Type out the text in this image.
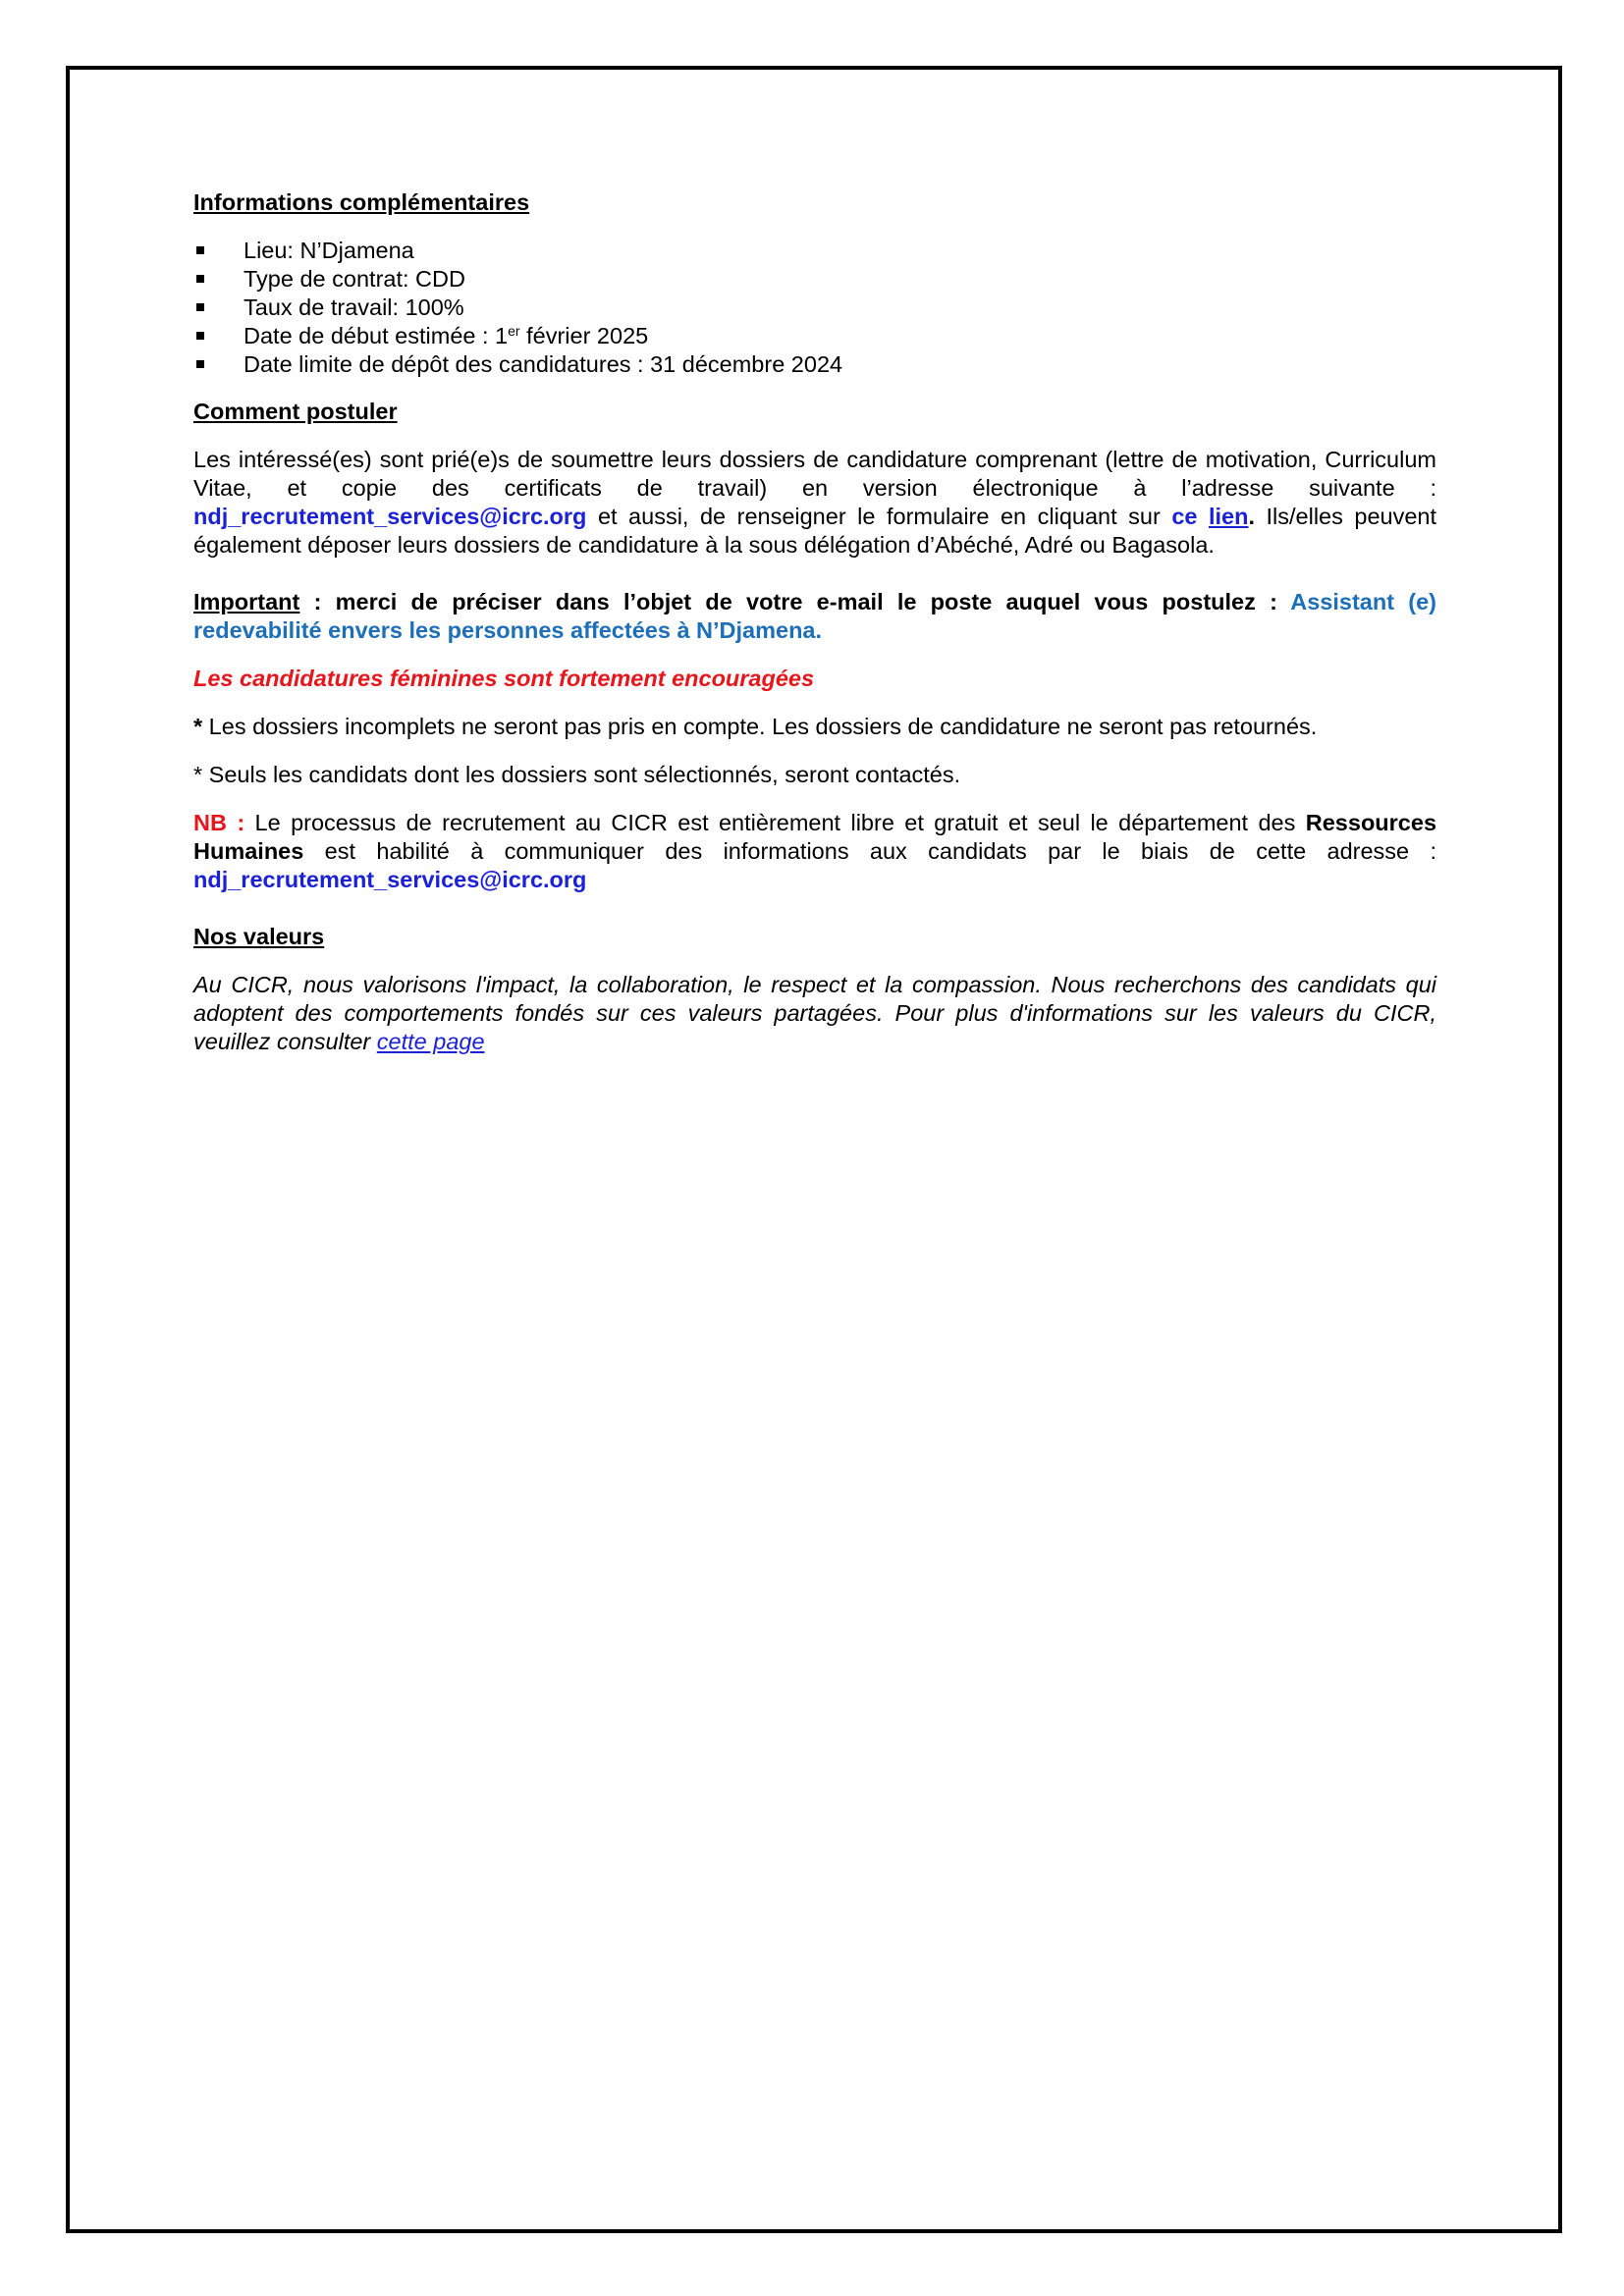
Informations complémentaires

Lieu: N’Djamena
Type de contrat: CDD
Taux de travail: 100%
Date de début estimée : 1er février 2025
Date limite de dépôt des candidatures : 31 décembre 2024

Comment postuler

Les intéressé(es) sont prié(e)s de soumettre leurs dossiers de candidature comprenant (lettre de motivation, Curriculum Vitae, et copie des certificats de travail) en version électronique à l’adresse suivante : ndj_recrutement_services@icrc.org et aussi, de renseigner le formulaire en cliquant sur ce lien. Ils/elles peuvent également déposer leurs dossiers de candidature à la sous délégation d’Abéché, Adré ou Bagasola.

Important : merci de préciser dans l’objet de votre e-mail le poste auquel vous postulez : Assistant (e) redevabilité envers les personnes affectées à N’Djamena.

Les candidatures féminines sont fortement encouragées

* Les dossiers incomplets ne seront pas pris en compte. Les dossiers de candidature ne seront pas retournés.

* Seuls les candidats dont les dossiers sont sélectionnés, seront contactés.

NB : Le processus de recrutement au CICR est entièrement libre et gratuit et seul le département des Ressources Humaines est habilité à communiquer des informations aux candidats par le biais de cette adresse : ndj_recrutement_services@icrc.org

Nos valeurs

Au CICR, nous valorisons l'impact, la collaboration, le respect et la compassion. Nous recherchons des candidats qui adoptent des comportements fondés sur ces valeurs partagées. Pour plus d'informations sur les valeurs du CICR, veuillez consulter cette page
